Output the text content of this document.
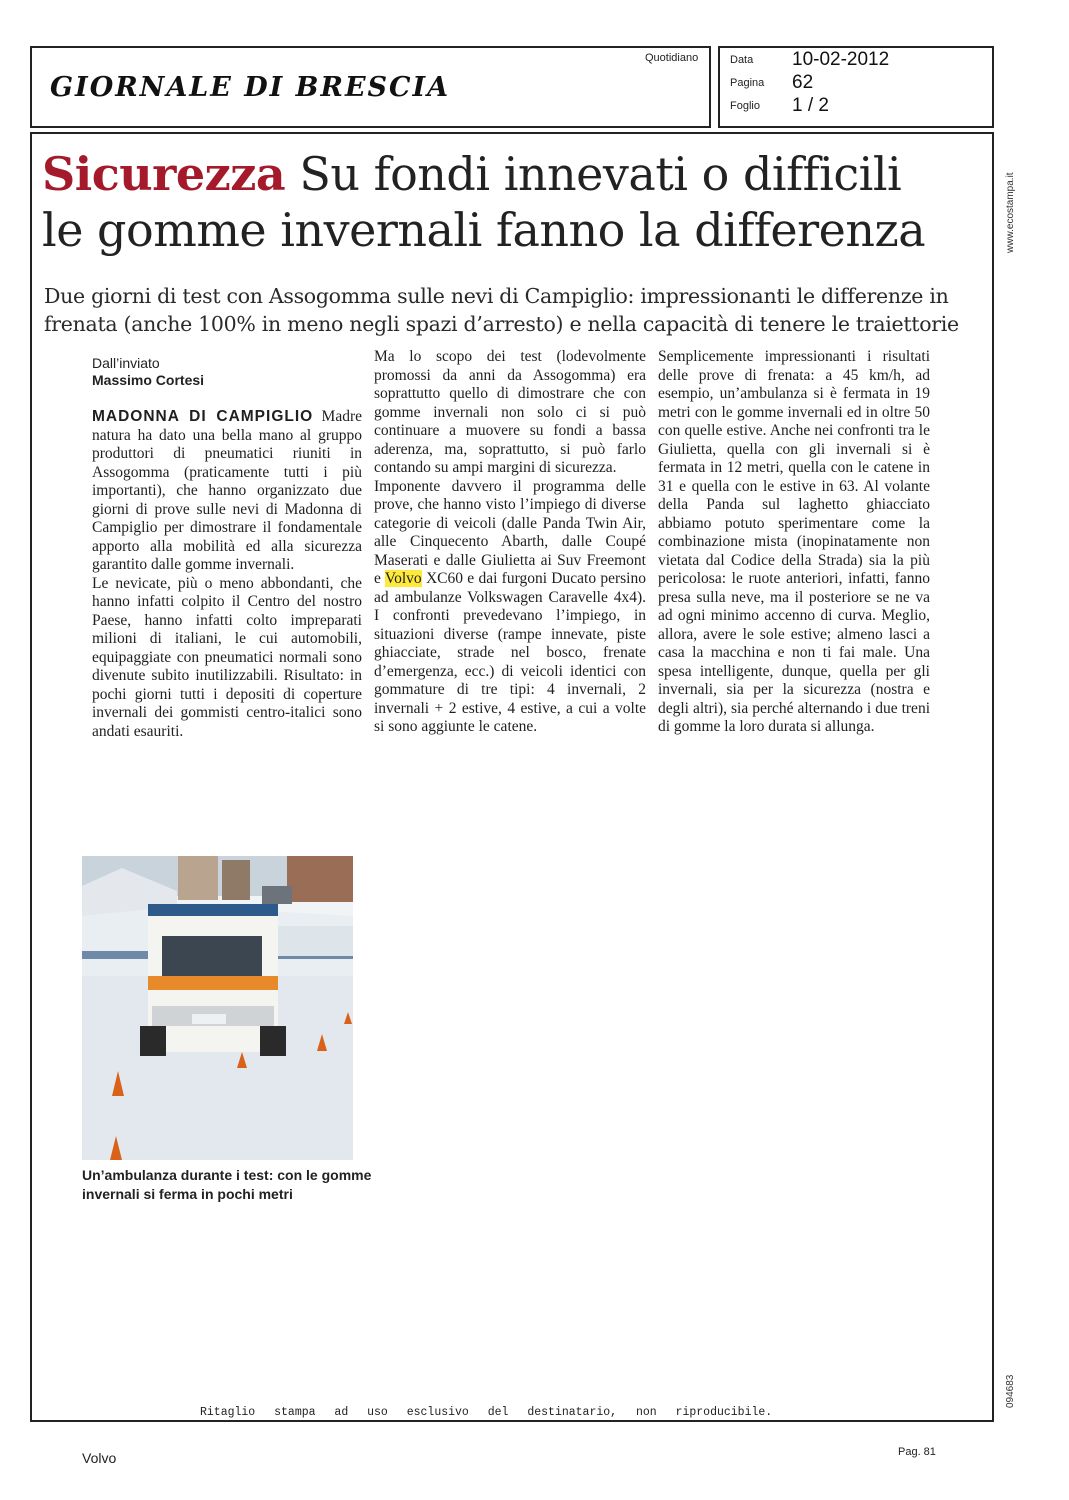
GIORNALE DI BRESCIA
Quotidiano	Data 10-02-2012
Pagina 62
Foglio 1 / 2
www.ecostampa.it
094683
Sicurezza Su fondi innevati o difficili
le gomme invernali fanno la differenza
Due giorni di test con Assogomma sulle nevi di Campiglio: impressionanti le differenze in frenata (anche 100% in meno negli spazi d’arresto) e nella capacità di tenere le traiettorie
Dall’inviato
Massimo Cortesi

MADONNA DI CAMPIGLIO Madre natura ha dato una bella mano al gruppo produttori di pneumatici riuniti in Assogomma (praticamente tutti i più importanti), che hanno organizzato due giorni di prove sulle nevi di Madonna di Campiglio per dimostrare il fondamentale apporto alla mobilità ed alla sicurezza garantito dalle gomme invernali.

Le nevicate, più o meno abbondanti, che hanno infatti colpito il Centro del nostro Paese, hanno infatti colto impreparati milioni di italiani, le cui automobili, equipaggiate con pneumatici normali sono divenute subito inutilizzabili. Risultato: in pochi giorni tutti i depositi di coperture invernali dei gommisti centro-italici sono andati esauriti.

Ma lo scopo dei test (lodevolmente promossi da anni da Assogomma) era soprattutto quello di dimostrare che con gomme invernali non solo ci si può continuare a muovere su fondi a bassa aderenza, ma, soprattutto, si può farlo contando su ampi margini di sicurezza.

Imponente davvero il programma delle prove, che hanno visto l’impiego di diverse categorie di veicoli (dalle Panda Twin Air, alle Cinquecento Abarth, dalle Coupé Maserati e dalle Giulietta ai Suv Freemont e Volvo XC60 e dai furgoni Ducato persino ad ambulanze Volkswagen Caravelle 4x4). I confronti prevedevano l’impiego, in situazioni diverse (rampe innevate, piste ghiacciate, strade nel bosco, frenate d’emergenza, ecc.) di veicoli identici con gommature di tre tipi: 4 invernali, 2 invernali + 2 estive, 4 estive, a cui a volte si sono aggiunte le catene.

Semplicemente impressionanti i risultati delle prove di frenata: a 45 km/h, ad esempio, un’ambulanza si è fermata in 19 metri con le gomme invernali ed in oltre 50 con quelle estive. Anche nei confronti tra le Giulietta, quella con gli invernali si è fermata in 12 metri, quella con le catene in 31 e quella con le estive in 63. Al volante della Panda sul laghetto ghiacciato abbiamo potuto sperimentare come la combinazione mista (inopinatamente non vietata dal Codice della Strada) sia la più pericolosa: le ruote anteriori, infatti, fanno presa sulla neve, ma il posteriore se ne va ad ogni minimo accenno di curva. Meglio, allora, avere le sole estive; almeno lasci a casa la macchina e non ti fai male. Una spesa intelligente, dunque, quella per gli invernali, sia per la sicurezza (nostra e degli altri), sia perché alternando i due treni di gomme la loro durata si allunga.

Un’ambulanza durante i test: con le gomme invernali si ferma in pochi metri
Ritaglio stampa ad uso esclusivo del destinatario, non riproducibile.
Volvo	Pag. 81
